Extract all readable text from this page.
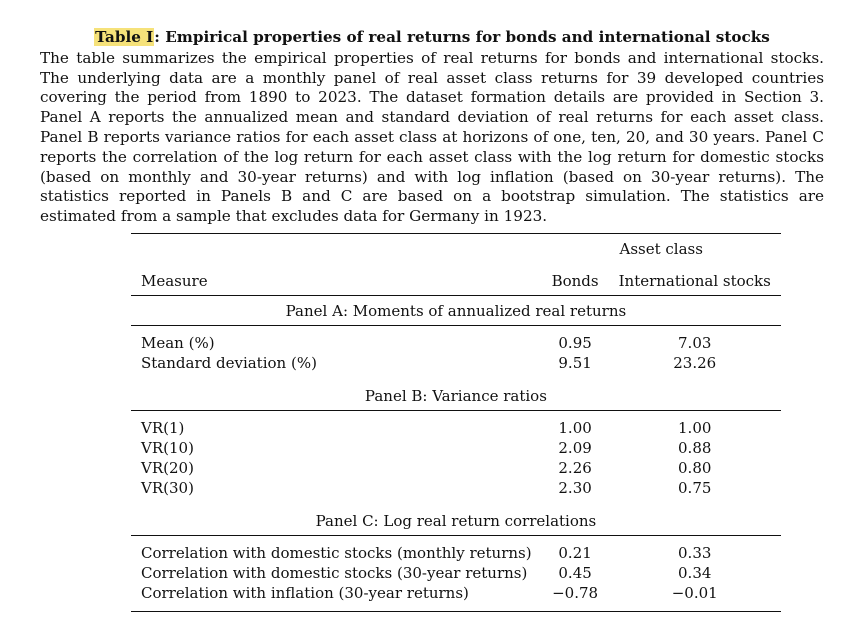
Table I: Empirical properties of real returns for bonds and international stocks
The table summarizes the empirical properties of real returns for bonds and international stocks. The underlying data are a monthly panel of real asset class returns for 39 developed countries covering the period from 1890 to 2023. The dataset formation details are provided in Section 3. Panel A reports the annualized mean and standard deviation of real returns for each asset class. Panel B reports variance ratios for each asset class at horizons of one, ten, 20, and 30 years. Panel C reports the correlation of the log return for each asset class with the log return for domestic stocks (based on monthly and 30-year returns) and with log inflation (based on 30-year returns). The statistics reported in Panels B and C are based on a bootstrap simulation. The statistics are estimated from a sample that excludes data for Germany in 1923.
	Asset class	
Measure	Bonds	International stocks
Panel A: Moments of annualized real returns		
Mean (%)	0.95	7.03
Standard deviation (%)	9.51	23.26
Panel B: Variance ratios		
VR(1)	1.00	1.00
VR(10)	2.09	0.88
VR(20)	2.26	0.80
VR(30)	2.30	0.75
Panel C: Log real return correlations		
Correlation with domestic stocks (monthly returns)	0.21	0.33
Correlation with domestic stocks (30-year returns)	0.45	0.34
Correlation with inflation (30-year returns)	−0.78	−0.01
